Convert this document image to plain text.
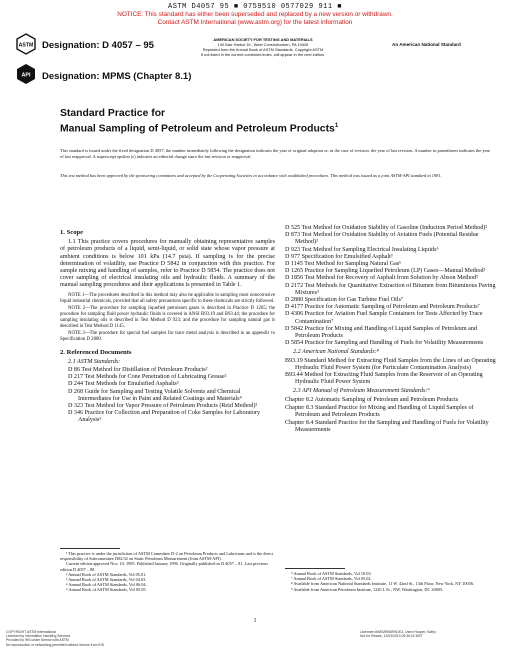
ASTM D4057 95 ■ 0759510 0577029 911 ■
NOTICE: This standard has either been superseded and replaced by a new version or withdrawn.
Contact ASTM International (www.astm.org) for the latest information
ASTM Designation: D 4057 – 95
AMERICAN SOCIETY FOR TESTING AND MATERIALS
100 Barr Harbor Dr., West Conshohocken, PA 19428
Reprinted from the Annual Book of ASTM Standards. Copyright ASTM
If not listed in the current combined index, will appear in the next edition.
An American National Standard
API Designation: MPMS (Chapter 8.1)
Standard Practice for
Manual Sampling of Petroleum and Petroleum Products$^1$
This standard is issued under the fixed designation D 4057; the number immediately following the designation indicates the year of original adoption or, in the case of revision, the year of last revision. A number in parentheses indicates the year of last reapproval. A superscript epsilon (ε) indicates an editorial change since the last revision or reapproval.
This test method has been approved by the sponsoring committees and accepted by the Cooperating Societies in accordance with established procedures. This method was issued as a joint ASTM-API standard in 1981.
1. Scope

1.1 This practice covers procedures for manually obtaining representative samples of petroleum products of a liquid, semi-liquid, or solid state whose vapor pressure at ambient conditions is below 101 kPa (14.7 psia). If sampling is for the precise determination of volatility, use Practice D 5842 in conjunction with this practice. For sample mixing and handling of samples, refer to Practice D 5854. The practice does not cover sampling of electrical insulating oils and hydraulic fluids. A summary of the manual sampling procedures and their applications is presented in Table 1.

NOTE 1—The procedures described in this method may also be applicable in sampling most noncorrosive liquid industrial chemicals, provided that all safety precautions specific to these chemicals are strictly followed.

NOTE 2—The procedure for sampling liquefied petroleum gases is described in Practice D 1265; the procedure for sampling fluid power hydraulic fluids is covered in ANSI B93.19 and B93.44; the procedure for sampling insulating oils is described in Test Method D 923; and the procedure for sampling natural gas is described in Test Method D 1145.

NOTE 3—The procedure for special fuel samples for trace metal analysis is described in an appendix to Specification D 2880.

2. Referenced Documents
2.1 ASTM Standards:
D 86 Test Method for Distillation of Petroleum Products²
D 217 Test Methods for Cone Penetration of Lubricating Grease²
D 244 Test Methods for Emulsified Asphalts³
D 268 Guide for Sampling and Testing Volatile Solvents and Chemical Intermediates for Use in Paint and Related Coatings and Materials⁴
D 323 Test Method for Vapor Pressure of Petroleum Products (Reid Method)²
D 346 Practice for Collection and Preparation of Coke Samples for Laboratory Analysis⁵
¹ This practice is under the jurisdiction of ASTM Committee D-2 on Petroleum Products and Lubricants and is the direct responsibility of Subcommittee D02.02 on Static Petroleum Measurement (Joint ASTM-API).
Current edition approved Nov. 10, 1995. Published January 1996. Originally published as D 4057 – 81. Last previous edition D 4057 – 88.
² Annual Book of ASTM Standards, Vol 05.01.
³ Annual Book of ASTM Standards, Vol 04.03.
⁴ Annual Book of ASTM Standards, Vol 06.04.
⁵ Annual Book of ASTM Standards, Vol 05.05.
D 525 Test Method for Oxidation Stability of Gasoline (Induction Period Method)²
D 873 Test Method for Oxidation Stability of Aviation Fuels (Potential Residue Method)²
D 923 Test Method for Sampling Electrical Insulating Liquids⁶
D 977 Specification for Emulsified Asphalt³
D 1145 Test Method for Sampling Natural Gas⁶
D 1265 Practice for Sampling Liquefied Petroleum (LP) Gases—Manual Method²
D 1856 Test Method for Recovery of Asphalt from Solution by Abson Method³
D 2172 Test Methods for Quantitative Extraction of Bitumen from Bituminous Paving Mixtures³
D 2880 Specification for Gas Turbine Fuel Oils⁷
D 4177 Practice for Automatic Sampling of Petroleum and Petroleum Products⁷
D 4306 Practice for Aviation Fuel Sample Containers for Tests Affected by Trace Contamination⁷
D 5842 Practice for Mixing and Handling of Liquid Samples of Petroleum and Petroleum Products
D 5854 Practice for Sampling and Handling of Fuels for Volatility Measurements
2.2 American National Standards:⁸
B93.19 Standard Method for Extracting Fluid Samples from the Lines of an Operating Hydraulic Fluid Power System (for Particulate Contamination Analysis)
B93.44 Method for Extracting Fluid Samples from the Reservoir of an Operating Hydraulic Fluid Power System
2.3 API Manual of Petroleum Measurement Standards:⁹
Chapter 8.2 Automatic Sampling of Petroleum and Petroleum Products
Chapter 8.3 Standard Practice for Mixing and Handling of Liquid Samples of Petroleum and Petroleum Products
Chapter 8.4 Standard Practice for the Sampling and Handling of Fuels for Volatility Measurements
⁶ Annual Book of ASTM Standards, Vol 10.03.
⁷ Annual Book of ASTM Standards, Vol 05.02.
⁸ Available from American National Standards Institute, 11 W. 42nd St., 13th Floor, New York, NY 10036.
⁹ Available from American Petroleum Institute, 1220 L St., NW, Washington, DC 20005.
1
COPYRIGHT ASTM International
Licensed by Information Handling Services
Provided by IHS under license with ASTM
No reproduction or networking permitted without license from IHS
Licensee=MMS/5958991001, User=Hooper, Kathy
Not for Resale, 12/03/2013 09:36:02 MST
